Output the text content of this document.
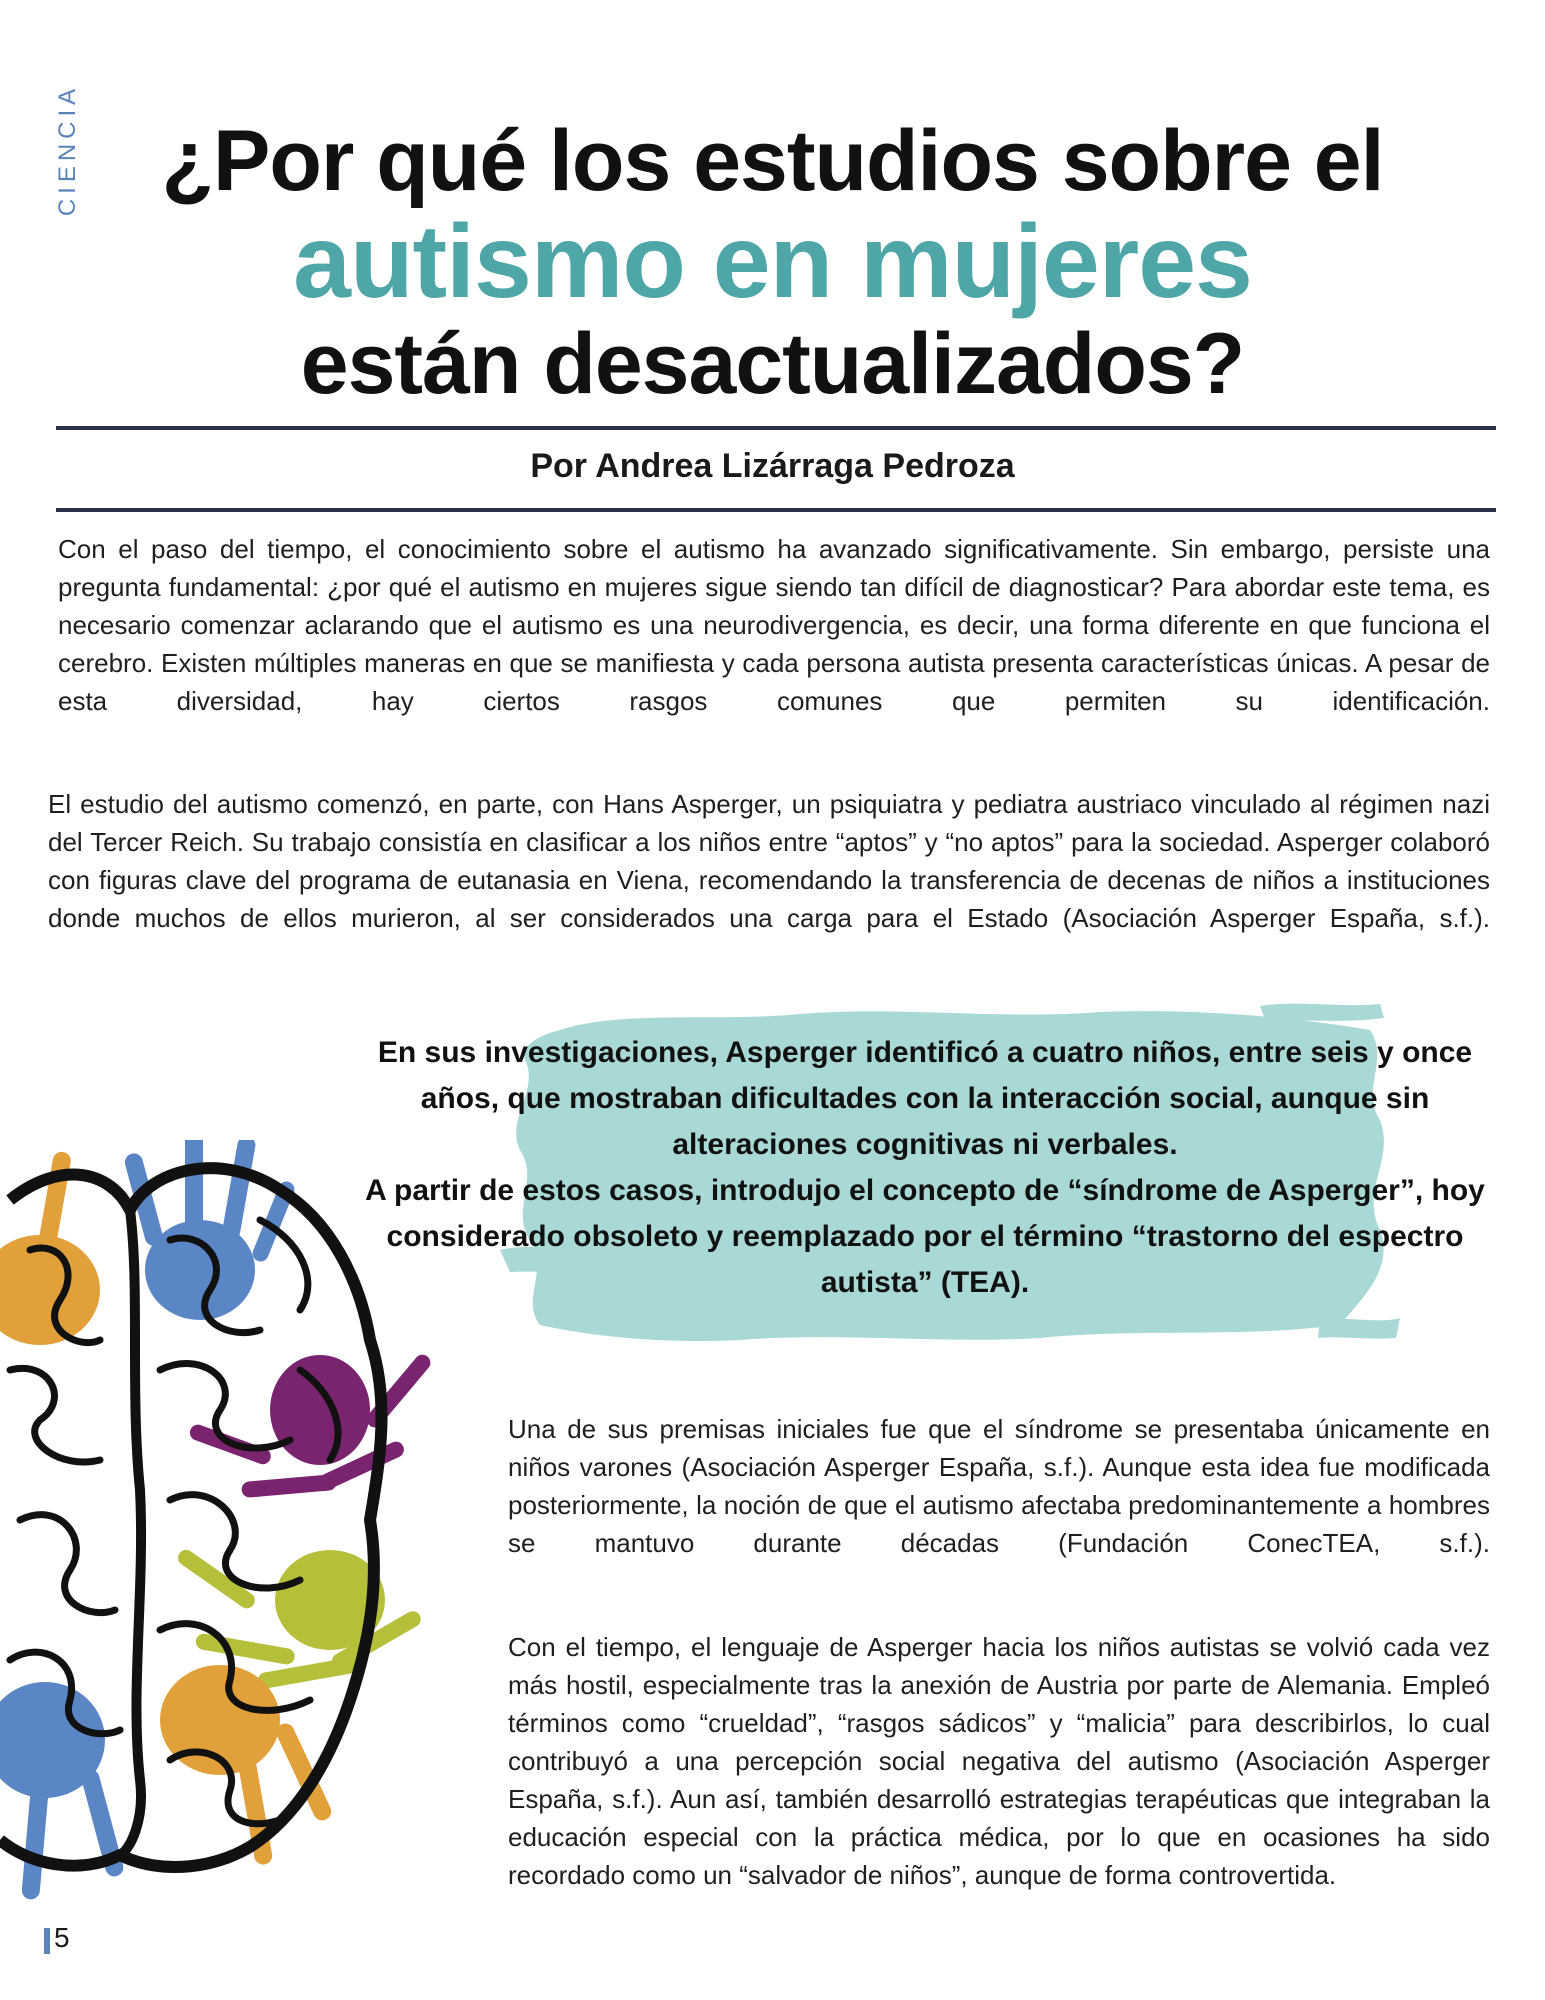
CIENCIA ¿Por qué los estudios sobre el
autismo en mujeres
están desactualizados?
Por Andrea Lizárraga Pedroza
Con el paso del tiempo, el conocimiento sobre el autismo ha avanzado significativamente. Sin embargo, persiste una pregunta fundamental: ¿por qué el autismo en mujeres sigue siendo tan difícil de diagnosticar? Para abordar este tema, es necesario comenzar aclarando que el autismo es una neurodivergencia, es decir, una forma diferente en que funciona el cerebro. Existen múltiples maneras en que se manifiesta y cada persona autista presenta características únicas. A pesar de esta diversidad, hay ciertos rasgos comunes que permiten su identificación.
El estudio del autismo comenzó, en parte, con Hans Asperger, un psiquiatra y pediatra austriaco vinculado al régimen nazi del Tercer Reich. Su trabajo consistía en clasificar a los niños entre “aptos” y “no aptos” para la sociedad. Asperger colaboró con figuras clave del programa de eutanasia en Viena, recomendando la transferencia de decenas de niños a instituciones donde muchos de ellos murieron, al ser considerados una carga para el Estado (Asociación Asperger España, s.f.).
En sus investigaciones, Asperger identificó a cuatro niños, entre seis y once años, que mostraban dificultades con la interacción social, aunque sin alteraciones cognitivas ni verbales.
A partir de estos casos, introdujo el concepto de “síndrome de Asperger”, hoy considerado obsoleto y reemplazado por el término “trastorno del espectro autista” (TEA).
Una de sus premisas iniciales fue que el síndrome se presentaba únicamente en niños varones (Asociación Asperger España, s.f.). Aunque esta idea fue modificada posteriormente, la noción de que el autismo afectaba predominantemente a hombres se mantuvo durante décadas (Fundación ConecTEA, s.f.).
Con el tiempo, el lenguaje de Asperger hacia los niños autistas se volvió cada vez más hostil, especialmente tras la anexión de Austria por parte de Alemania. Empleó términos como “crueldad”, “rasgos sádicos” y “malicia” para describirlos, lo cual contribuyó a una percepción social negativa del autismo (Asociación Asperger España, s.f.). Aun así, también desarrolló estrategias terapéuticas que integraban la educación especial con la práctica médica, por lo que en ocasiones ha sido recordado como un “salvador de niños”, aunque de forma controvertida.
5
